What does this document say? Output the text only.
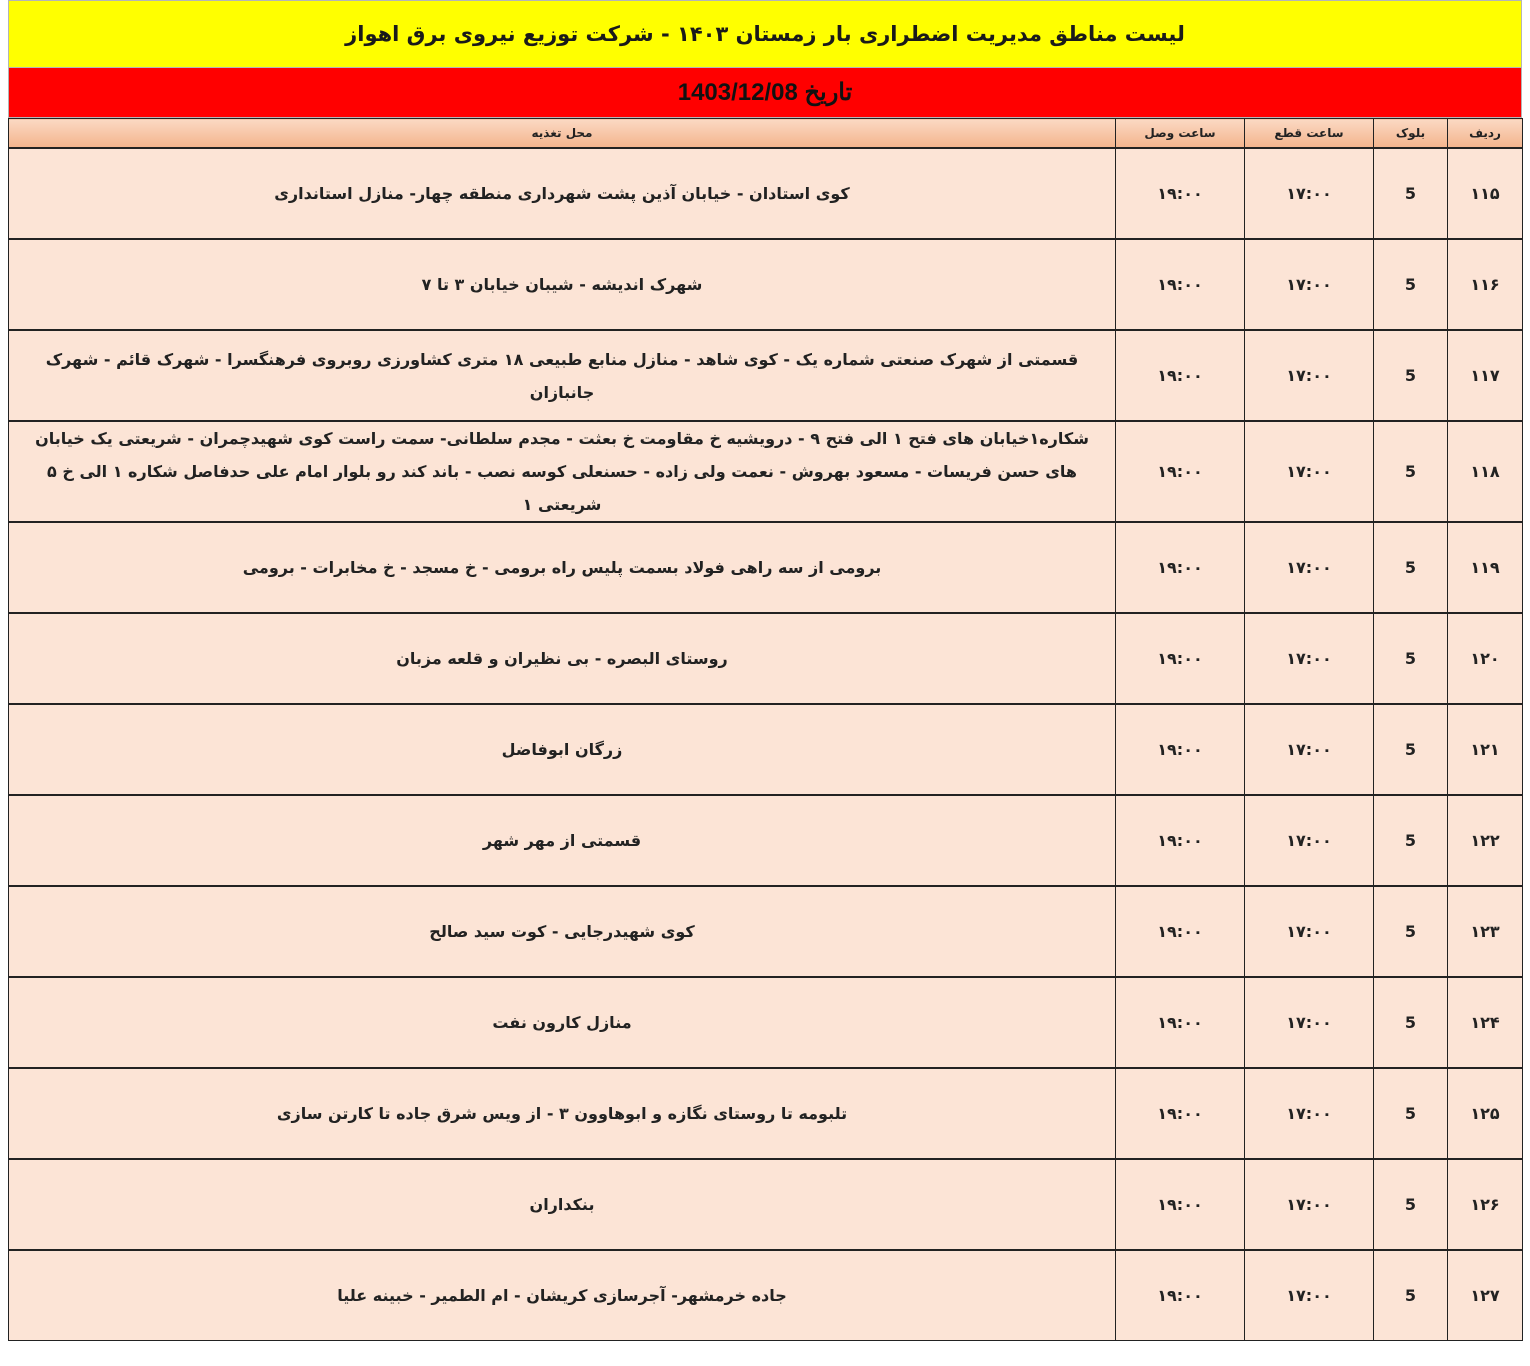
لیست مناطق مدیریت اضطراری بار زمستان ۱۴۰۳ - شرکت توزیع نیروی برق اهواز
تاریخ 1403/12/08
ردیف	بلوک	ساعت قطع	ساعت وصل	محل تغذیه
۱۱۵	5	۱۷:۰۰	۱۹:۰۰	کوی استادان - خیابان آذین پشت شهرداری منطقه چهار- منازل استانداری
۱۱۶	5	۱۷:۰۰	۱۹:۰۰	شهرک اندیشه - شیبان خیابان ۳ تا ۷
۱۱۷	5	۱۷:۰۰	۱۹:۰۰	قسمتی از شهرک صنعتی شماره یک - کوی شاهد - منازل منابع طبیعی ۱۸ متری کشاورزی روبروی فرهنگسرا - شهرک قائم - شهرک جانبازان
۱۱۸	5	۱۷:۰۰	۱۹:۰۰	شکاره۱خیابان های فتح ۱ الی فتح ۹ - درویشیه خ مقاومت خ بعثت - مجدم سلطانی- سمت راست کوی شهیدچمران - شریعتی یک خیابان های حسن فریسات - مسعود بهروش - نعمت ولی زاده - حسنعلی کوسه نصب - باند کند رو بلوار امام علی حدفاصل شکاره ۱ الی خ ۵ شریعتی ۱
۱۱۹	5	۱۷:۰۰	۱۹:۰۰	برومی از سه راهی فولاد بسمت پلیس راه برومی - خ مسجد - خ مخابرات - برومی
۱۲۰	5	۱۷:۰۰	۱۹:۰۰	روستای البصره - بی نظیران و قلعه مزبان
۱۲۱	5	۱۷:۰۰	۱۹:۰۰	زرگان ابوفاضل
۱۲۲	5	۱۷:۰۰	۱۹:۰۰	قسمتی از مهر شهر
۱۲۳	5	۱۷:۰۰	۱۹:۰۰	کوی شهیدرجایی - کوت سید صالح
۱۲۴	5	۱۷:۰۰	۱۹:۰۰	منازل کارون نفت
۱۲۵	5	۱۷:۰۰	۱۹:۰۰	تلبومه تا روستای نگازه و ابوهاوون ۳ - از ویس شرق جاده تا کارتن سازی
۱۲۶	5	۱۷:۰۰	۱۹:۰۰	بنکداران
۱۲۷	5	۱۷:۰۰	۱۹:۰۰	جاده خرمشهر- آجرسازی کریشان - ام الطمیر - خبینه علیا
